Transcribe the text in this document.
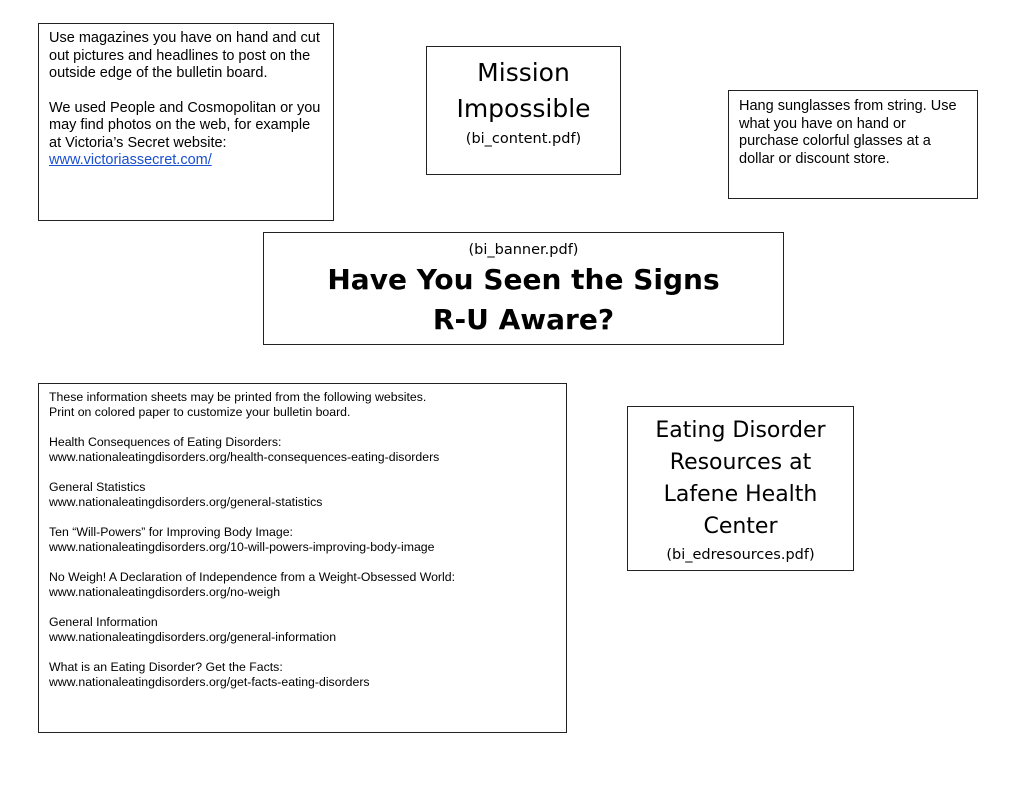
Use magazines you have on hand and cut out pictures and headlines to post on the outside edge of the bulletin board.

We used People and Cosmopolitan or you may find photos on the web, for example at Victoria’s Secret website:
www.victoriassecret.com/

Mission
Impossible
(bi_content.pdf)
Hang sunglasses from string. Use what you have on hand or purchase colorful glasses at a dollar or discount store.
(bi_banner.pdf)
Have You Seen the Signs
R-U Aware?

These information sheets may be printed from the following websites.
Print on colored paper to customize your bulletin board.

Health Consequences of Eating Disorders:
www.nationaleatingdisorders.org/health-consequences-eating-disorders

General Statistics
www.nationaleatingdisorders.org/general-statistics

Ten “Will-Powers” for Improving Body Image:
www.nationaleatingdisorders.org/10-will-powers-improving-body-image

No Weigh! A Declaration of Independence from a Weight-Obsessed World:
www.nationaleatingdisorders.org/no-weigh

General Information
www.nationaleatingdisorders.org/general-information

What is an Eating Disorder? Get the Facts:
www.nationaleatingdisorders.org/get-facts-eating-disorders

Eating Disorder
Resources at
Lafene Health
Center
(bi_edresources.pdf)
